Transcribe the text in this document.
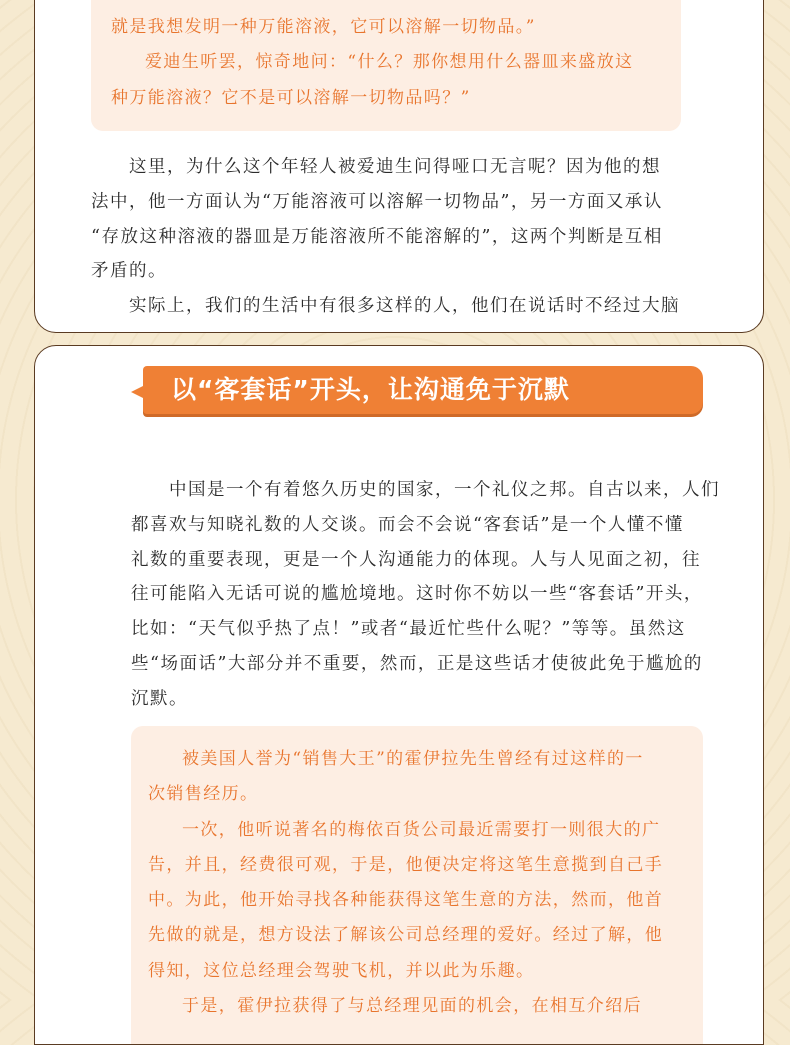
就是我想发明一种万能溶液，它可以溶解一切物品。”
爱迪生听罢，惊奇地问：“什么？那你想用什么器皿来盛放这
种万能溶液？它不是可以溶解一切物品吗？”
这里，为什么这个年轻人被爱迪生问得哑口无言呢？因为他的想
法中，他一方面认为“万能溶液可以溶解一切物品”，另一方面又承认
“存放这种溶液的器皿是万能溶液所不能溶解的”，这两个判断是互相
矛盾的。
实际上，我们的生活中有很多这样的人，他们在说话时不经过大脑
以“客套话”开头，让沟通免于沉默
中国是一个有着悠久历史的国家，一个礼仪之邦。自古以来，人们
都喜欢与知晓礼数的人交谈。而会不会说“客套话”是一个人懂不懂
礼数的重要表现，更是一个人沟通能力的体现。人与人见面之初，往
往可能陷入无话可说的尴尬境地。这时你不妨以一些“客套话”开头，
比如：“天气似乎热了点！”或者“最近忙些什么呢？”等等。虽然这
些“场面话”大部分并不重要，然而，正是这些话才使彼此免于尴尬的
沉默。
被美国人誉为“销售大王”的霍伊拉先生曾经有过这样的一
次销售经历。
一次，他听说著名的梅依百货公司最近需要打一则很大的广
告，并且，经费很可观，于是，他便决定将这笔生意揽到自己手
中。为此，他开始寻找各种能获得这笔生意的方法，然而，他首
先做的就是，想方设法了解该公司总经理的爱好。经过了解，他
得知，这位总经理会驾驶飞机，并以此为乐趣。
于是，霍伊拉获得了与总经理见面的机会，在相互介绍后
